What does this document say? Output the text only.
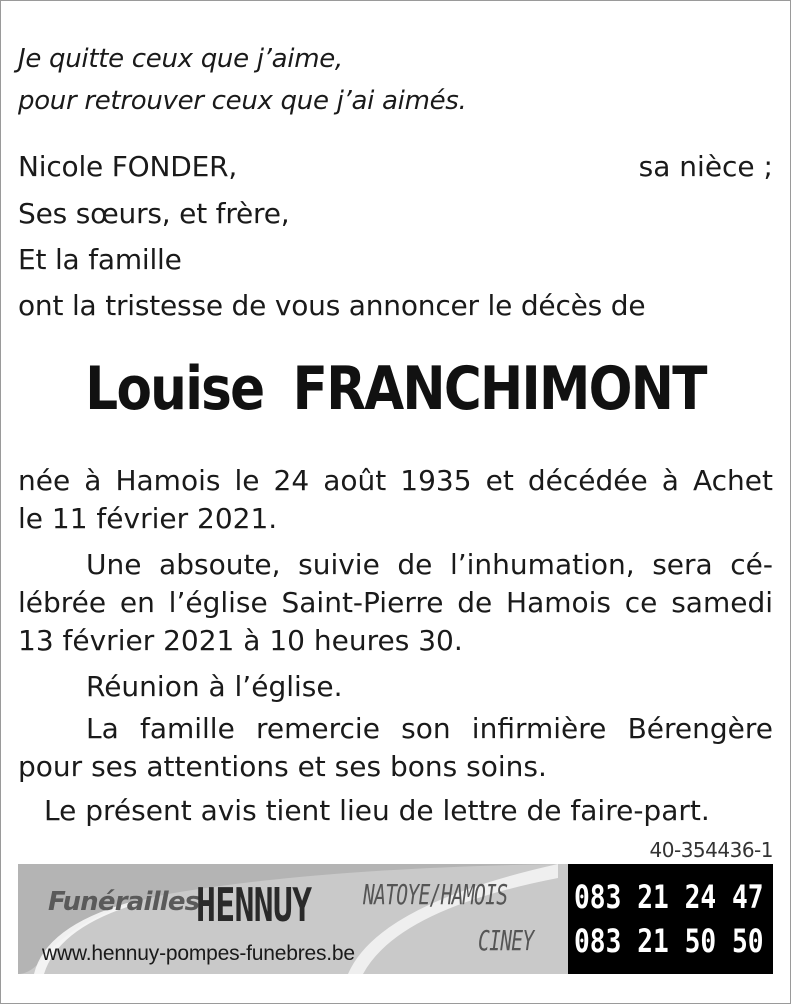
Je quitte ceux que j’aime,
pour retrouver ceux que j’ai aimés.
Nicole FONDER,	sa nièce ;
Ses sœurs, et frère,
Et la famille
ont la tristesse de vous annoncer le décès de
Louise FRANCHIMONT
née à Hamois le 24 août 1935 et décédée à Achet
le 11 février 2021.
Une absoute, suivie de l’inhumation, sera cé-
lébrée en l’église Saint-Pierre de Hamois ce samedi
13 février 2021 à 10 heures 30.
Réunion à l’église.
La famille remercie son infirmière Bérengère
pour ses attentions et ses bons soins.
Le présent avis tient lieu de lettre de faire-part.
40-354436-1
Funérailles
HENNUY NATOYE/HAMOIS
CINEY
www.hennuy-pompes-funebres.be
083 21 24 47
083 21 50 50
